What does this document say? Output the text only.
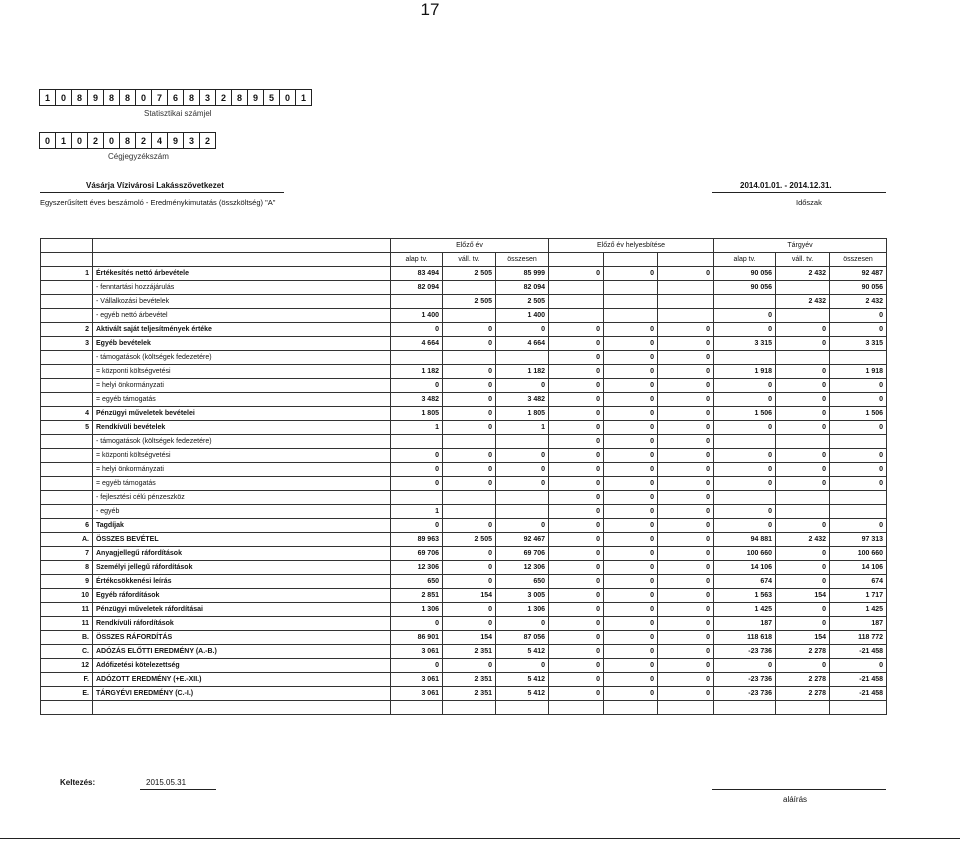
17
1	0	8	9	8	8	0	7	6	8	3	2	8	9	5	0	1
Statisztikai számjel
0	1	0	2	0	8	2	4	9	3	2
Cégjegyzékszám
Vásárja Vízivárosi Lakásszövetkezet
Egyszerűsített éves beszámoló - Eredménykimutatás (összköltség) "A"
2014.01.01. - 2014.12.31.
Időszak
		Előző év			Előző év helyesbítése			Tárgyév		
		alap tv.	váll. tv.	összesen				alap tv.	váll. tv.	összesen
1	Értékesítés nettó árbevétele	83 494	2 505	85 999	0	0	0	90 056	2 432	92 487
	- fenntartási hozzájárulás	82 094		82 094				90 056		90 056
	- Vállalkozási bevételek		2 505	2 505					2 432	2 432
	- egyéb nettó árbevétel	1 400		1 400				0		0
2	Aktivált saját teljesítmények értéke	0	0	0	0	0	0	0	0	0
3	Egyéb bevételek	4 664	0	4 664	0	0	0	3 315	0	3 315
	- támogatások (költségek fedezetére)				0	0	0			
	= központi költségvetési	1 182	0	1 182	0	0	0	1 918	0	1 918
	= helyi önkormányzati	0	0	0	0	0	0	0	0	0
	= egyéb támogatás	3 482	0	3 482	0	0	0	0	0	0
4	Pénzügyi műveletek bevételei	1 805	0	1 805	0	0	0	1 506	0	1 506
5	Rendkívüli bevételek	1	0	1	0	0	0	0	0	0
	- támogatások (költségek fedezetére)				0	0	0			
	= központi költségvetési	0	0	0	0	0	0	0	0	0
	= helyi önkormányzati	0	0	0	0	0	0	0	0	0
	= egyéb támogatás	0	0	0	0	0	0	0	0	0
	- fejlesztési célú pénzeszköz				0	0	0			
	- egyéb	1			0	0	0	0		
6	Tagdíjak	0	0	0	0	0	0	0	0	0
A.	ÖSSZES BEVÉTEL	89 963	2 505	92 467	0	0	0	94 881	2 432	97 313
7	Anyagjellegű ráfordítások	69 706	0	69 706	0	0	0	100 660	0	100 660
8	Személyi jellegű ráfordítások	12 306	0	12 306	0	0	0	14 106	0	14 106
9	Értékcsökkenési leírás	650	0	650	0	0	0	674	0	674
10	Egyéb ráfordítások	2 851	154	3 005	0	0	0	1 563	154	1 717
11	Pénzügyi műveletek ráfordításai	1 306	0	1 306	0	0	0	1 425	0	1 425
11	Rendkívüli ráfordítások	0	0	0	0	0	0	187	0	187
B.	ÖSSZES RÁFORDÍTÁS	86 901	154	87 056	0	0	0	118 618	154	118 772
C.	ADÓZÁS ELŐTTI EREDMÉNY (A.-B.)	3 061	2 351	5 412	0	0	0	-23 736	2 278	-21 458
12	Adófizetési kötelezettség	0	0	0	0	0	0	0	0	0
F.	ADÓZOTT EREDMÉNY (+E.-XII.)	3 061	2 351	5 412	0	0	0	-23 736	2 278	-21 458
E.	TÁRGYÉVI EREDMÉNY (C.-I.)	3 061	2 351	5 412	0	0	0	-23 736	2 278	-21 458

Keltezés:	2015.05.31
aláírás
